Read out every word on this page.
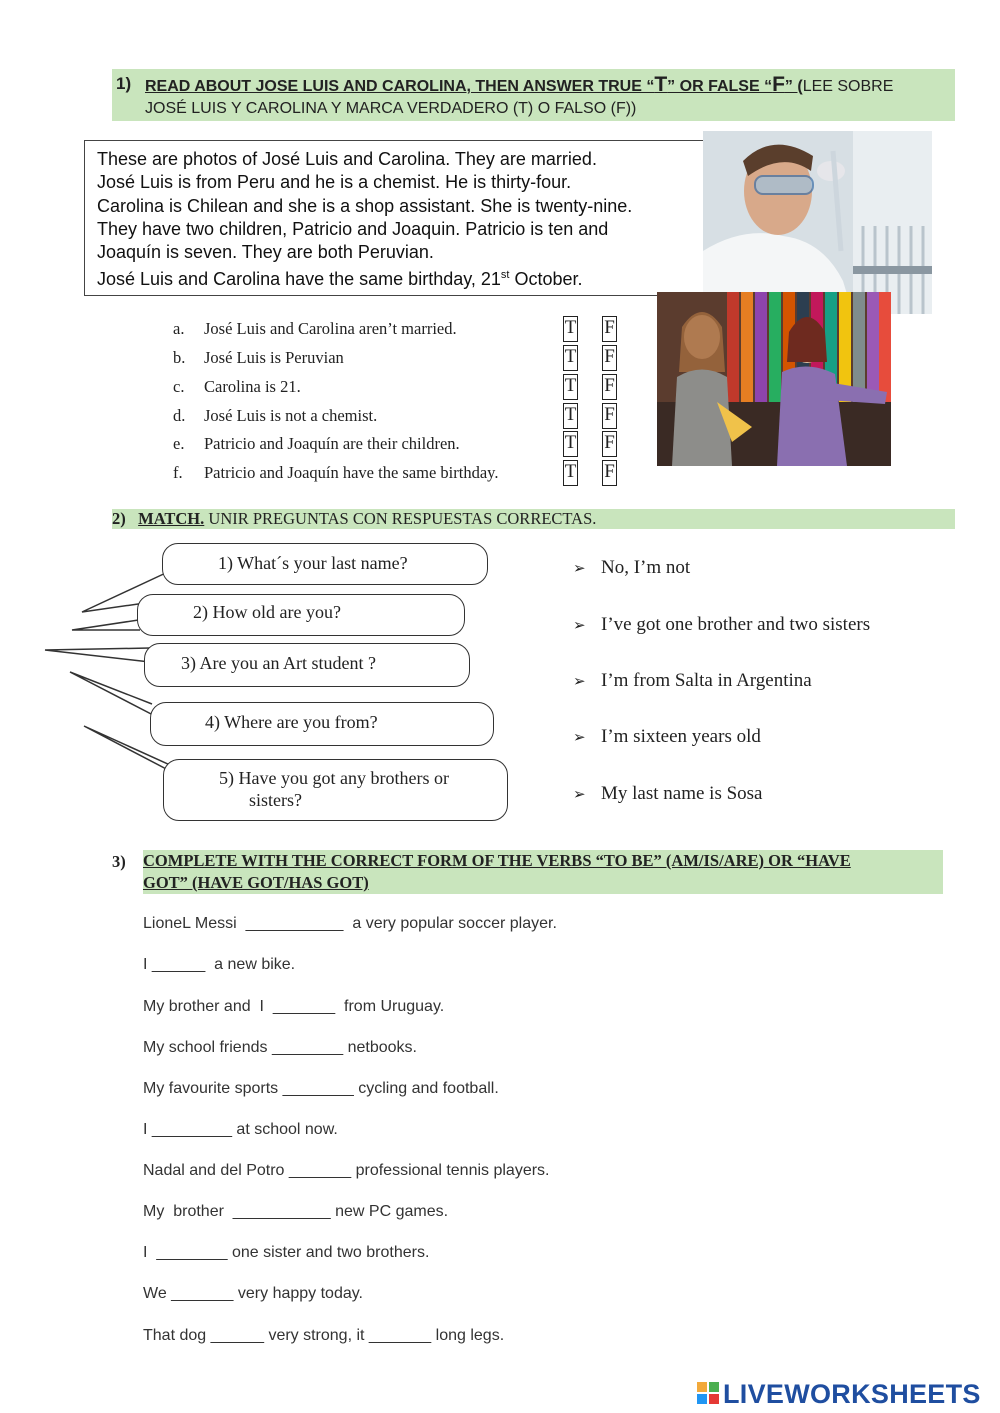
1) READ ABOUT JOSE LUIS AND CAROLINA, THEN ANSWER TRUE “T” OR FALSE “F” (LEE SOBRE
JOSÉ LUIS Y CAROLINA Y MARCA VERDADERO (T) O FALSO (F))
These are photos of José Luis and Carolina. They are married.
José Luis is from Peru and he is a chemist. He is thirty-four.
Carolina is Chilean and she is a shop assistant. She is twenty-nine.
They have two children, Patricio and Joaquin. Patricio is ten and
Joaquín is seven. They are both Peruvian.
José Luis and Carolina have the same birthday, 21st October.
a. José Luis and Carolina aren’t married.	T F
b. José Luis is Peruvian	T F
c. Carolina is 21.	T F
d. José Luis is not a chemist.	T F
e. Patricio and Joaquín are their children.	T F
f. Patricio and Joaquín have the same birthday.	T F
2) MATCH. UNIR PREGUNTAS CON RESPUESTAS CORRECTAS.
1) What´s your last name?
2) How old are you?
3) Are you an Art student ?
4) Where are you from?
5) Have you got any brothers or
sisters?
➢ No, I’m not
➢ I’ve got one brother and two sisters
➢ I’m from Salta in Argentina
➢ I’m sixteen years old
➢ My last name is Sosa
3) COMPLETE WITH THE CORRECT FORM OF THE VERBS “TO BE” (AM/IS/ARE) OR “HAVE
GOT” (HAVE GOT/HAS GOT)
LioneL Messi  ___________  a very popular soccer player.
I ______  a new bike.
My brother and  I  _______  from Uruguay.
My school friends ________ netbooks.
My favourite sports ________ cycling and football.
I _________ at school now.
Nadal and del Potro _______ professional tennis players.
My  brother  ___________ new PC games.
I  ________ one sister and two brothers.
We _______ very happy today.
That dog ______ very strong, it _______ long legs.
LIVEWORKSHEETS
